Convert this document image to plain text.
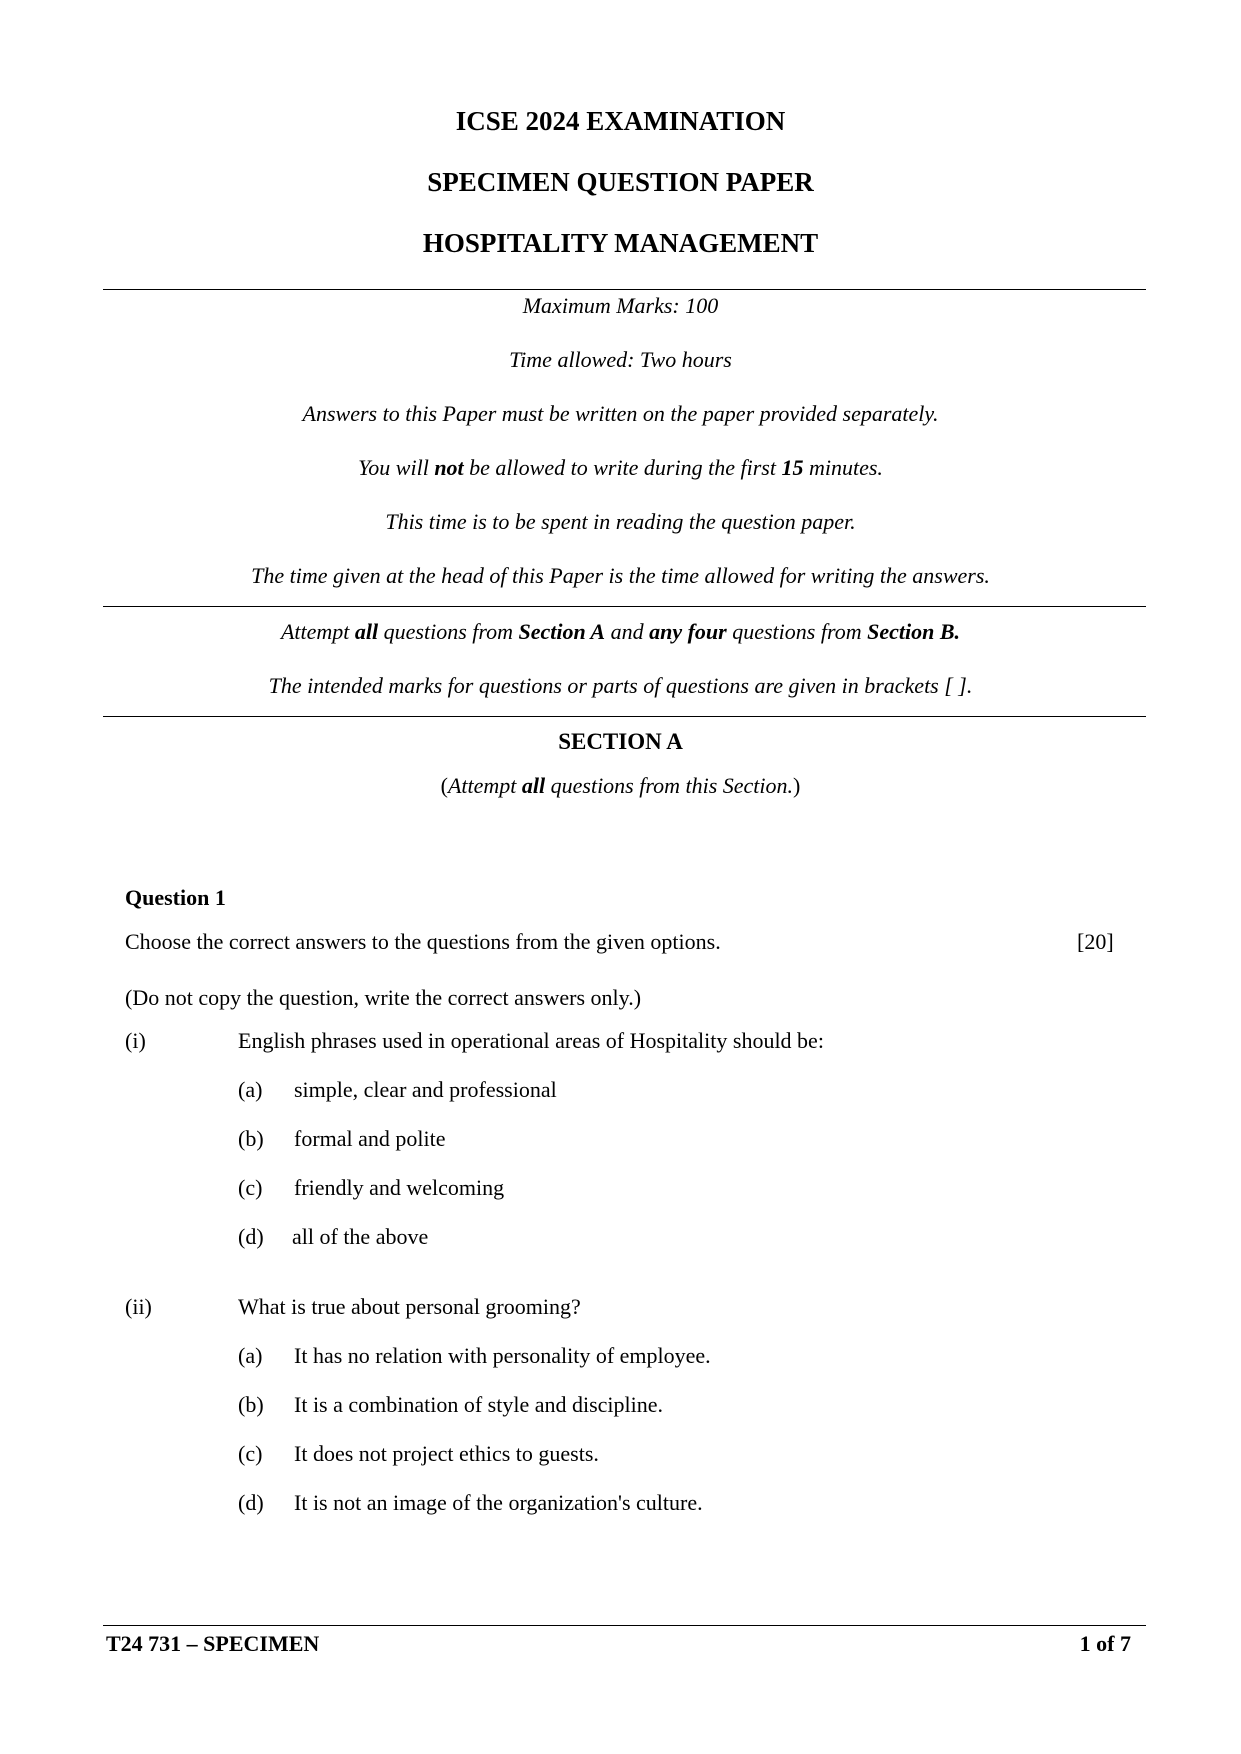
ICSE 2024 EXAMINATION
SPECIMEN QUESTION PAPER
HOSPITALITY MANAGEMENT
Maximum Marks: 100
Time allowed: Two hours
Answers to this Paper must be written on the paper provided separately.
You will not be allowed to write during the first 15 minutes.
This time is to be spent in reading the question paper.
The time given at the head of this Paper is the time allowed for writing the answers.
Attempt all questions from Section A and any four questions from Section B.
The intended marks for questions or parts of questions are given in brackets [ ].
SECTION A
(Attempt all questions from this Section.)
Question 1
Choose the correct answers to the questions from the given options.	[20]
(Do not copy the question, write the correct answers only.)
(i)	English phrases used in operational areas of Hospitality should be:
(a) simple, clear and professional
(b) formal and polite
(c) friendly and welcoming
(d) all of the above
(ii)	What is true about personal grooming?
(a) It has no relation with personality of employee.
(b) It is a combination of style and discipline.
(c) It does not project ethics to guests.
(d) It is not an image of the organization's culture.
T24 731 – SPECIMEN	1 of 7
